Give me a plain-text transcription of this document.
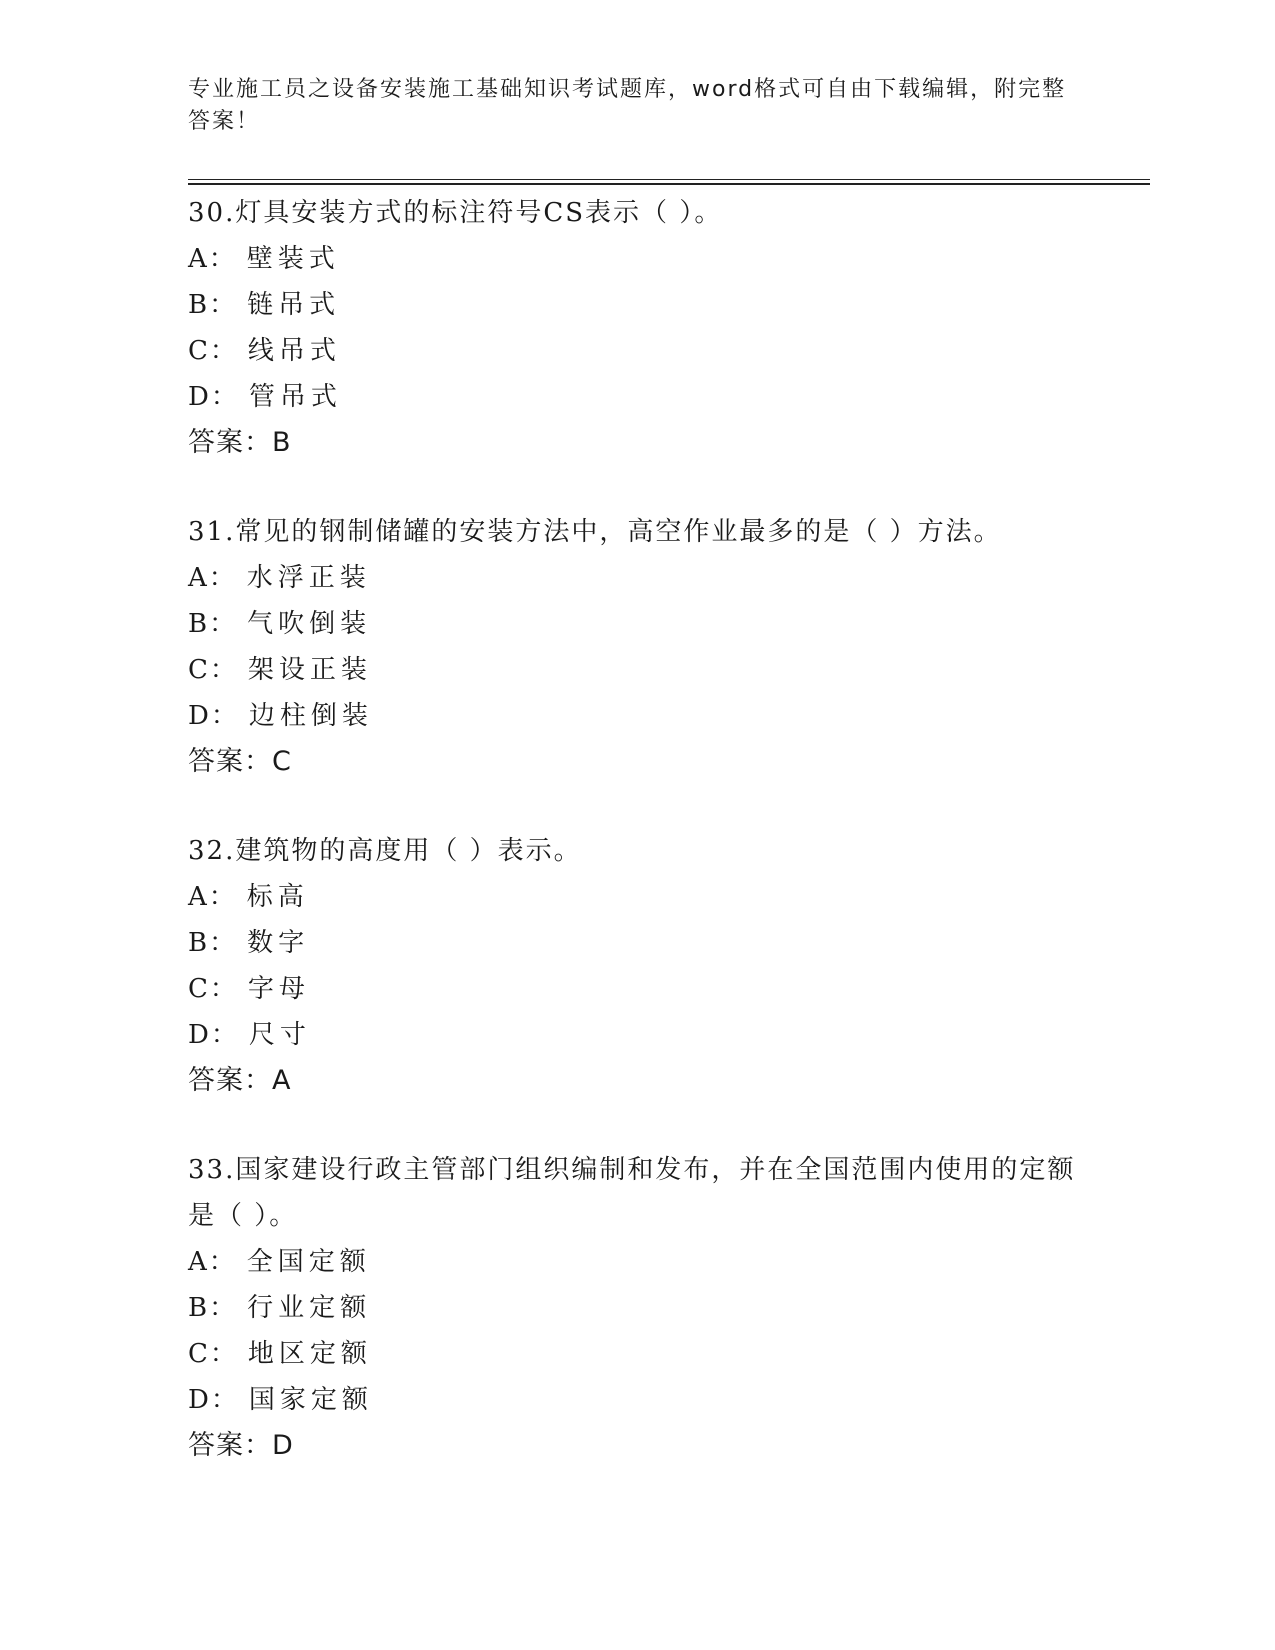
专业施工员之设备安装施工基础知识考试题库，word格式可自由下载编辑，附完整答案！

30.灯具安装方式的标注符号CS表示（ ）。

A： 壁装式
B： 链吊式
C： 线吊式
D： 管吊式
答案：B

31.常见的钢制储罐的安装方法中，高空作业最多的是（ ）方法。

A： 水浮正装
B： 气吹倒装
C： 架设正装
D： 边柱倒装
答案：C

32.建筑物的高度用（ ）表示。

A： 标高
B： 数字
C： 字母
D： 尺寸
答案：A

33.国家建设行政主管部门组织编制和发布，并在全国范围内使用的定额是（ ）。

A： 全国定额
B： 行业定额
C： 地区定额
D： 国家定额
答案：D
